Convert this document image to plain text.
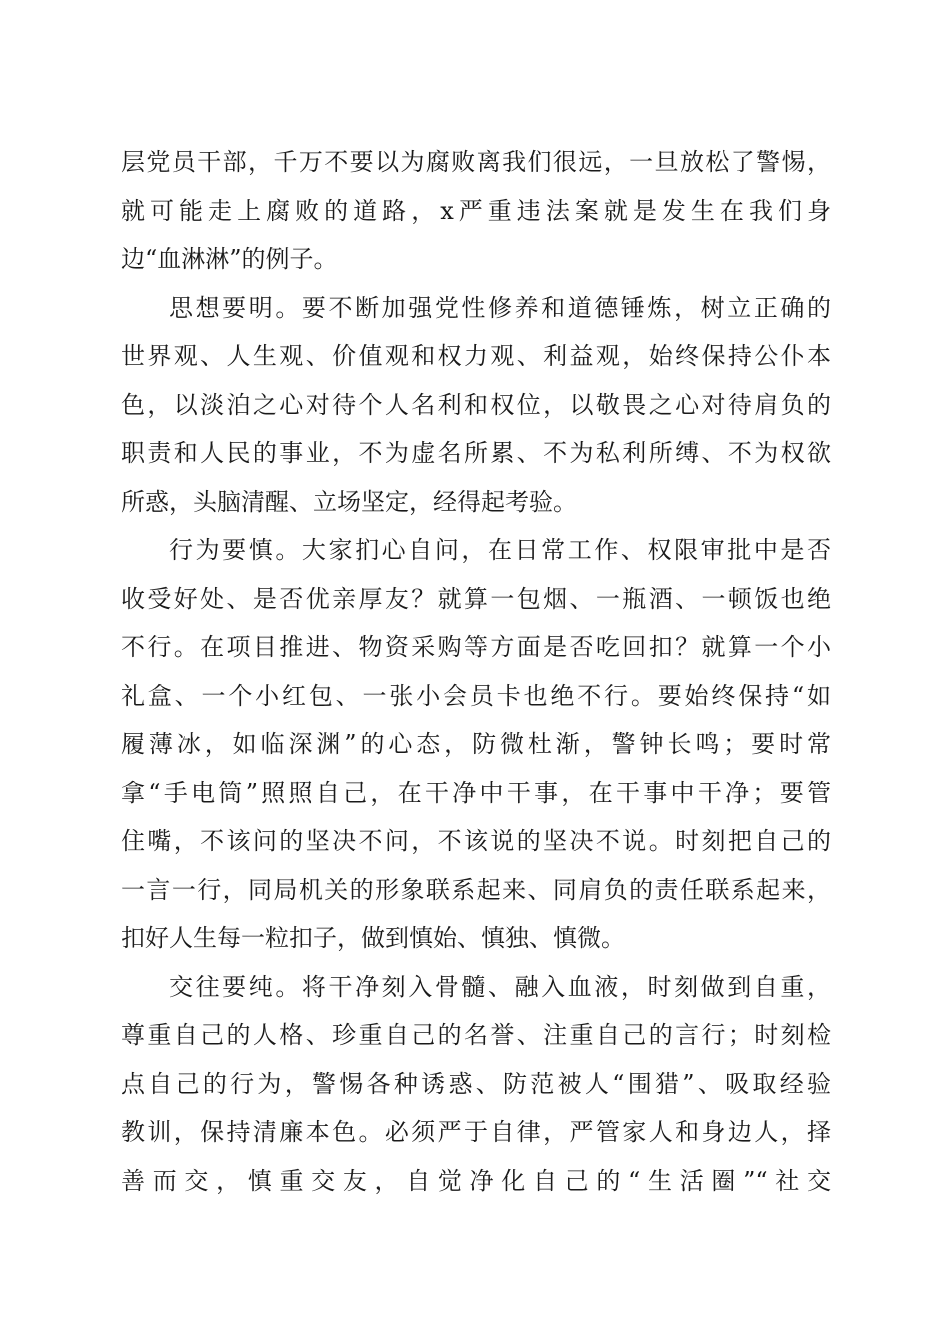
层党员干部，千万不要以为腐败离我们很远，一旦放松了警惕，
就可能走上腐败的道路，x严重违法案就是发生在我们身
边“血淋淋”的例子。
思想要明。要不断加强党性修养和道德锤炼，树立正确的
世界观、人生观、价值观和权力观、利益观，始终保持公仆本
色，以淡泊之心对待个人名利和权位，以敬畏之心对待肩负的
职责和人民的事业，不为虚名所累、不为私利所缚、不为权欲
所惑，头脑清醒、立场坚定，经得起考验。
行为要慎。大家扪心自问，在日常工作、权限审批中是否
收受好处、是否优亲厚友？就算一包烟、一瓶酒、一顿饭也绝
不行。在项目推进、物资采购等方面是否吃回扣？就算一个小
礼盒、一个小红包、一张小会员卡也绝不行。要始终保持“如
履薄冰，如临深渊”的心态，防微杜渐，警钟长鸣；要时常
拿“手电筒”照照自己，在干净中干事，在干事中干净；要管
住嘴，不该问的坚决不问，不该说的坚决不说。时刻把自己的
一言一行，同局机关的形象联系起来、同肩负的责任联系起来，
扣好人生每一粒扣子，做到慎始、慎独、慎微。
交往要纯。将干净刻入骨髓、融入血液，时刻做到自重，
尊重自己的人格、珍重自己的名誉、注重自己的言行；时刻检
点自己的行为，警惕各种诱惑、防范被人“围猎”、吸取经验
教训，保持清廉本色。必须严于自律，严管家人和身边人，择
善而交，慎重交友，自觉净化自己的“生活圈”“社交
